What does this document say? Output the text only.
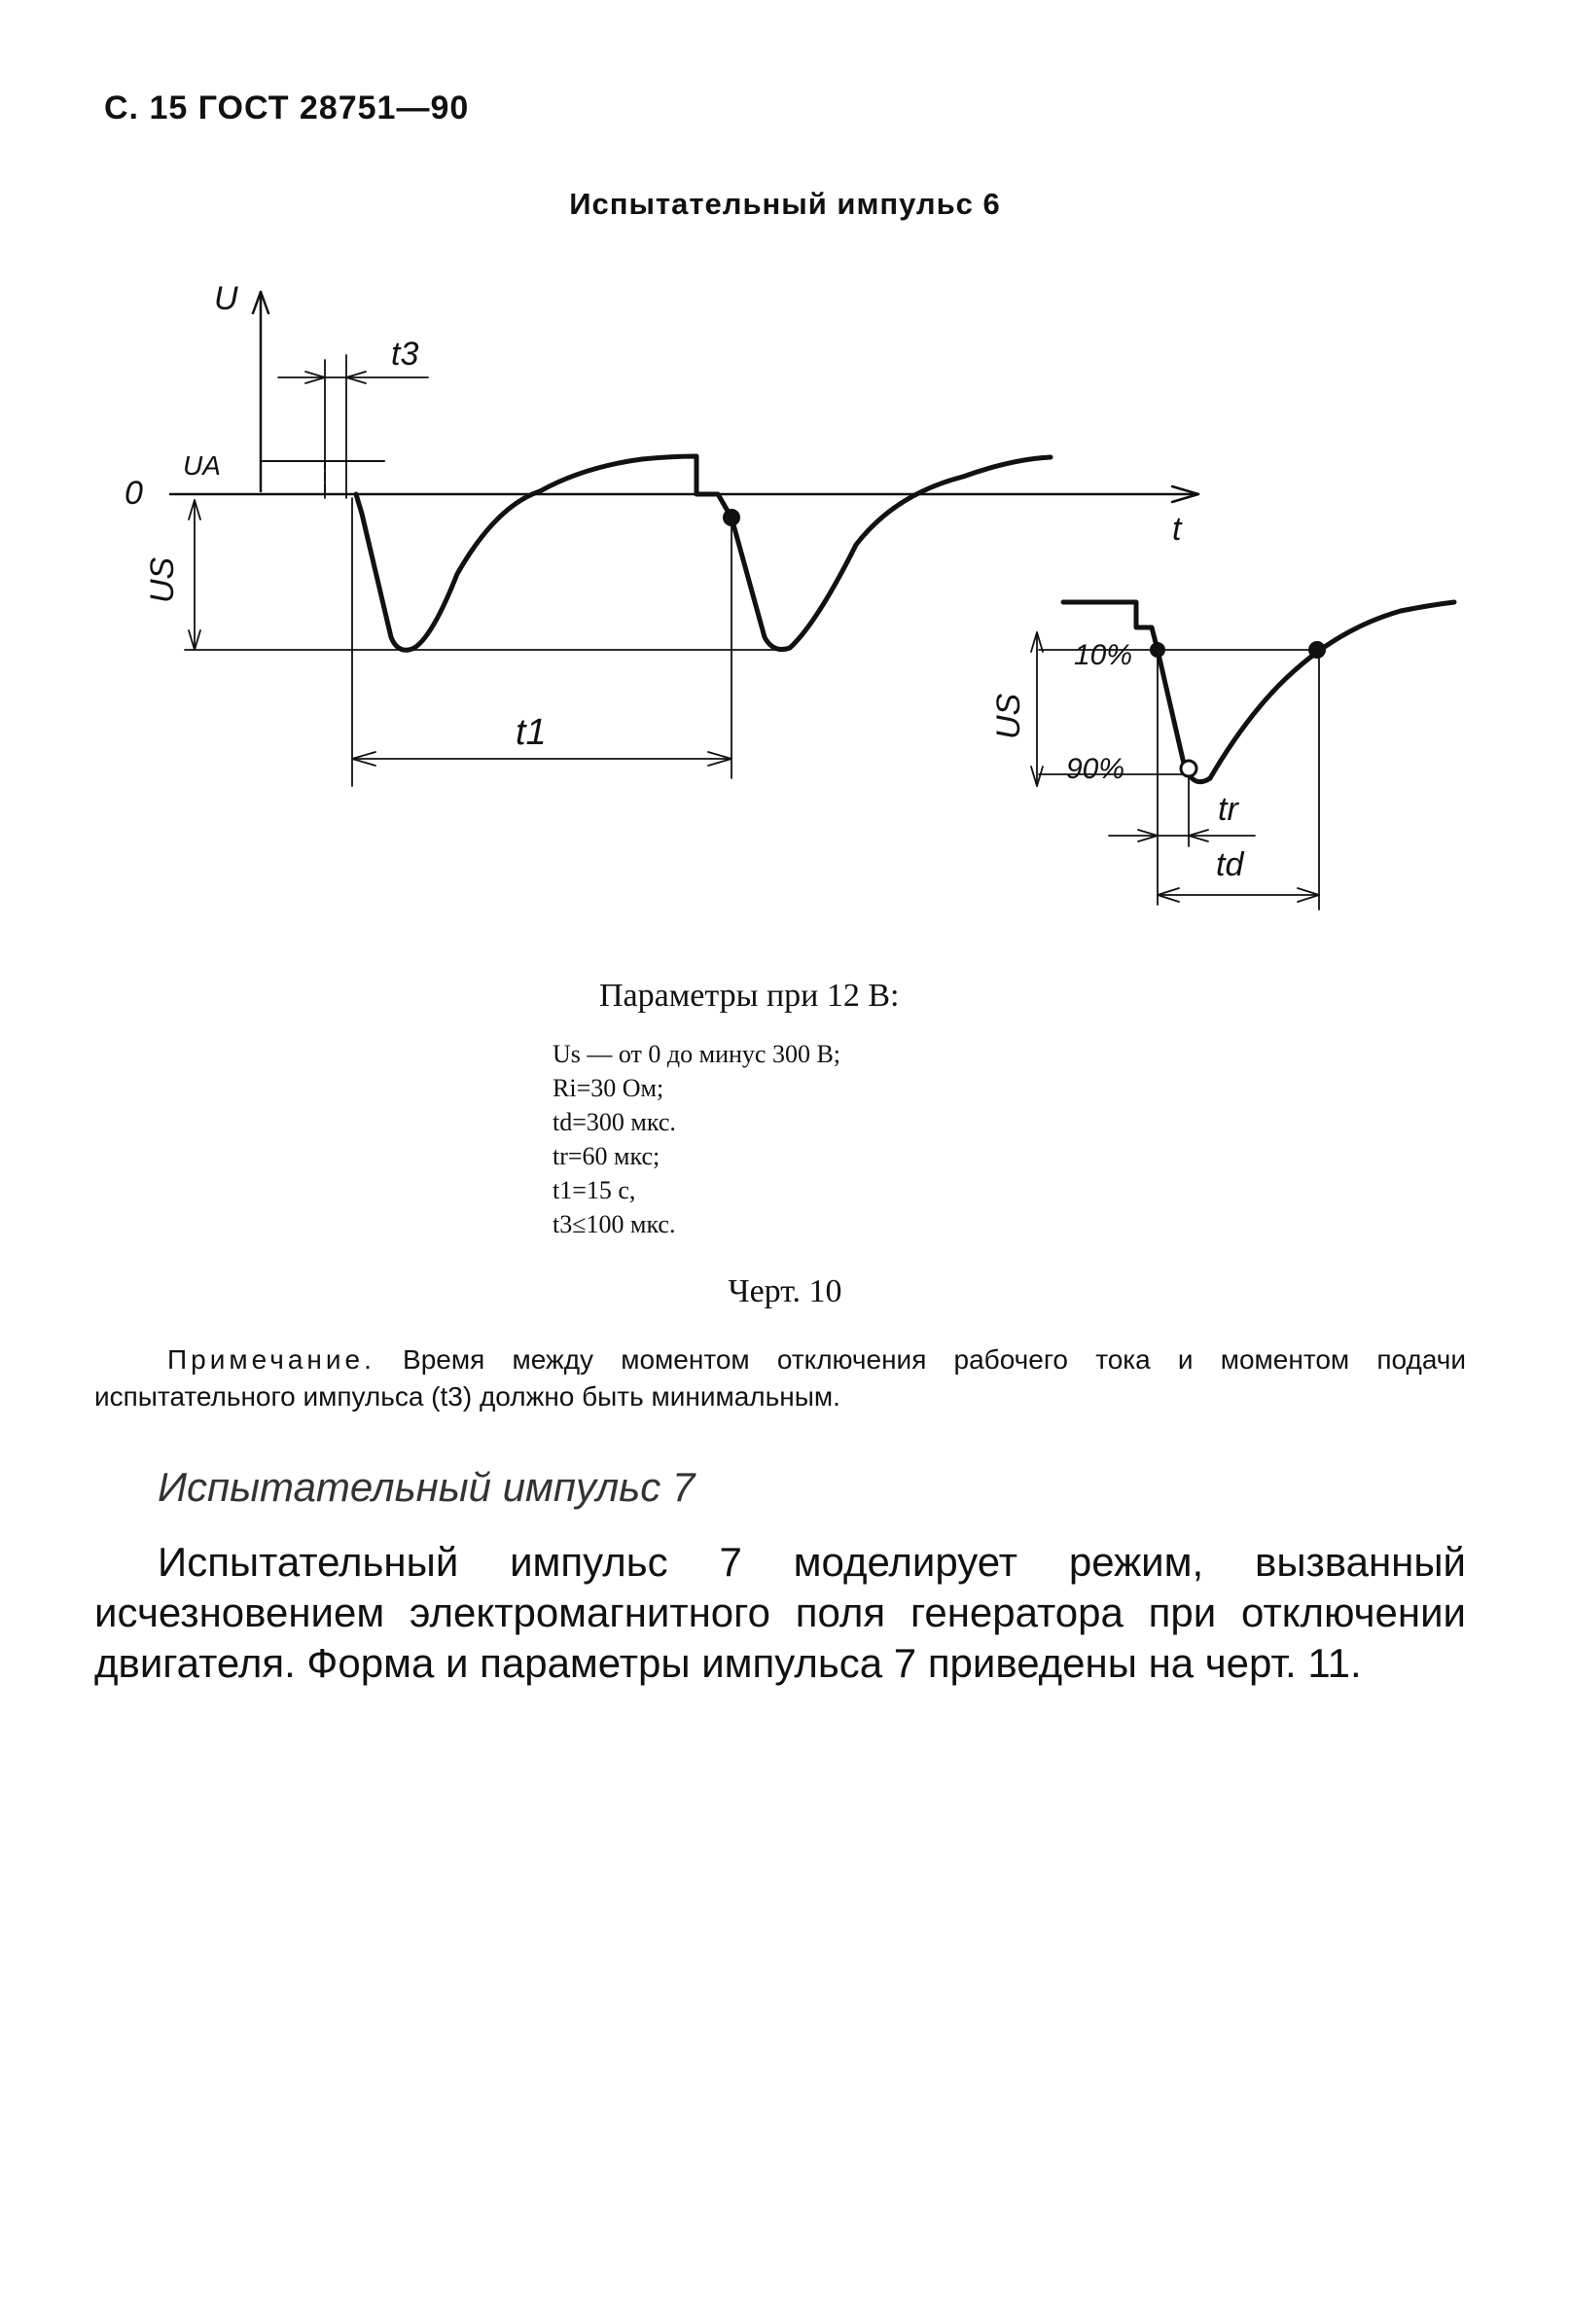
С. 15 ГОСТ 28751—90
Испытательный импульс 6
U
t
0
t3
UA
US
t1	US
10%
90%
tr
td
Параметры при 12 В:
Us — от 0 до минус 300 В;
Ri=30 Ом;
td=300 мкс.
tr=60 мкс;
t1=15 с,
t3≤100 мкс.
Черт. 10
Примечание. Время между моментом отключения рабочего тока и моментом подачи испытательного импульса (t3) должно быть минимальным.
Испытательный импульс 7
Испытательный импульс 7 моделирует режим, вызванный исчезновением электромагнитного поля генератора при отключении двигателя. Форма и параметры импульса 7 приведены на черт. 11.
